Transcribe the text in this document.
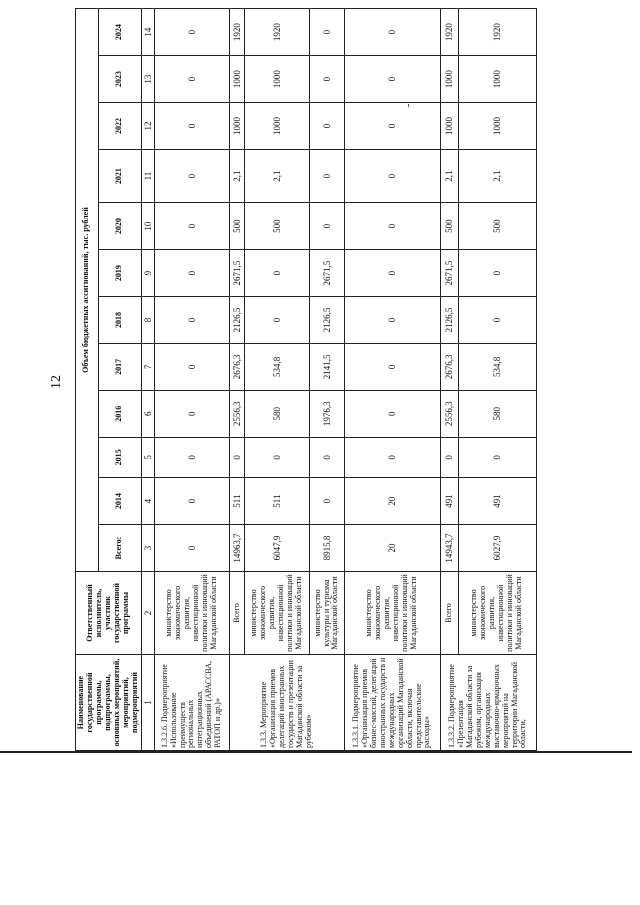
12
Наименование государственной программы, подпрограммы, основных мероприятий, мероприятий, подмероприятий	Ответственный исполнитель, участник государственной программы	Объем бюджетных ассигнований, тыс. рублей											
		Всего:	2014	2015	2016	2017	2018	2019	2020	2021	2022	2023	2024
1	2	3	4	5	6	7	8	9	10	11	12	13	14
1.3.2.6. Подмероприятие «Использование преимуществ региональных интеграционных объединений (АРАССВА, РАТОП и др.)»	министерство экономического развития, инвестиционной политики и инноваций Магаданской области	0	0	0	0	0	0	0	0	0	0	0	0
1.3.3. Мероприятие «Организация приемов делегаций иностранных государств и презентации Магаданской области за рубежом»	Всего	14963,7	511	0	2556,3	2676,3	2126,5	2671,5	500	2,1	1000	1000	1920
	министерство экономического развития, инвестиционной политики и инноваций Магаданской области	6047,9	511	0	580	534,8	0	0	500	2,1	1000	1000	1920
	министерство культуры и туризма Магаданской области	8915,8	0	0	1976,3	2141,5	2126,5	2671,5	0	0	0	0	0
1.3.3.1. Подмероприятие «Организация приемов бизнес-миссий, делегаций иностранных государств и международных организаций Магаданской области, включая представительские расходы»	министерство экономического развития, инвестиционной политики и инноваций Магаданской области	20	20	0	0	0	0	0	0	0	0	0	0
1.3.3.2. Подмероприятие «Презентация Магаданской области за рубежом, организация международных выставочно-ярмарочных мероприятий на территории Магаданской области,	Всего	14943,7	491	0	2556,3	2676,3	2126,5	2671,5	500	2,1	1000	1000	1920
	министерство экономического развития, инвестиционной политики и инноваций Магаданской области	6027,9	491	0	580	534,8	0	0	500	2,1	1000	1000	1920
